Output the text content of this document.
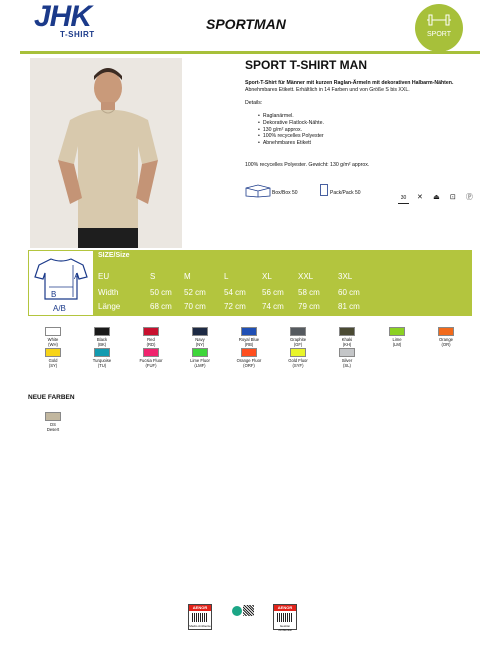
JHK
T-SHIRT
SPORTMAN
SPORT
SPORT T-SHIRT MAN
Sport-T-Shirt für Männer mit kurzen Raglan-Ärmeln mit dekorativen Halbarm-Nähten.
Abnehmbares Etikett. Erhältlich in 14 Farben und von Größe S bis XXL.
Details:
• Raglanärmel.
• Dekorative Flatlock-Nähte.
• 130 g/m² approx.
• 100% recycelles Polyester
• Abnehmbares Etikett
100% recycelles Polyester. Gewicht: 130 g/m² approx.
Box/Box 50	Pack/Pack 50
30 ✕ ⏏ ⊡ Ⓟ
A
B
A/B
SIZE/Size
EU	S	M	L	XL	XXL	3XL
Width	50 cm 52 cm 54 cm 56 cm 58 cm 60 cm
Länge	68 cm 70 cm 72 cm 74 cm 79 cm 81 cm
White
(WH)
Black
(BK)
Red
(RD)
Navy
(NY)
Royal Blue
(RB)
Graphite
(GF)
Khaki
(KH)
Lime
(LM)
Orange
(OR)
Gold
(SY)
Turquoise
(TU)
Fucsia Fluor
(FUF)
Lime Fluor
(LMF)
Orange Fluor
(ORF)
Gold Fluor
(SYF)
Silver
(SL)
NEUE FARBEN
DS
Desert
AENOR
Medio Ambiente
AENOR
Gestión Ambiental
